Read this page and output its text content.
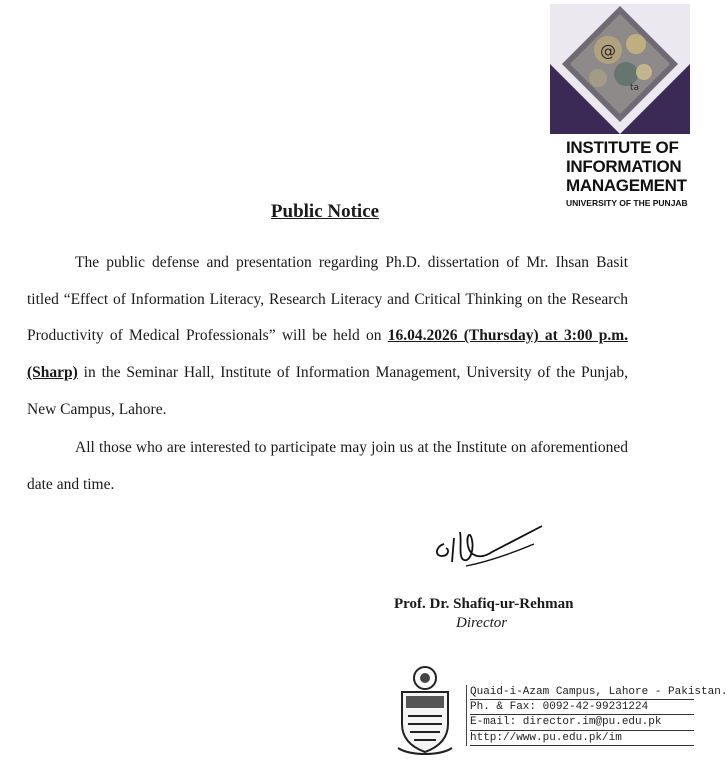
@
ta
INSTITUTE OF
INFORMATION
MANAGEMENT
UNIVERSITY OF THE PUNJAB
Public Notice
The public defense and presentation regarding Ph.D. dissertation of Mr. Ihsan Basit titled “Effect of Information Literacy, Research Literacy and Critical Thinking on the Research Productivity of Medical Professionals” will be held on 16.04.2026 (Thursday) at 3:00 p.m. (Sharp) in the Seminar Hall, Institute of Information Management, University of the Punjab, New Campus, Lahore.
All those who are interested to participate may join us at the Institute on aforementioned date and time.
Prof. Dr. Shafiq-ur-Rehman
Director
Quaid-i-Azam Campus, Lahore - Pakistan.
Ph. & Fax: 0092-42-99231224
E-mail: director.im@pu.edu.pk
http://www.pu.edu.pk/im
